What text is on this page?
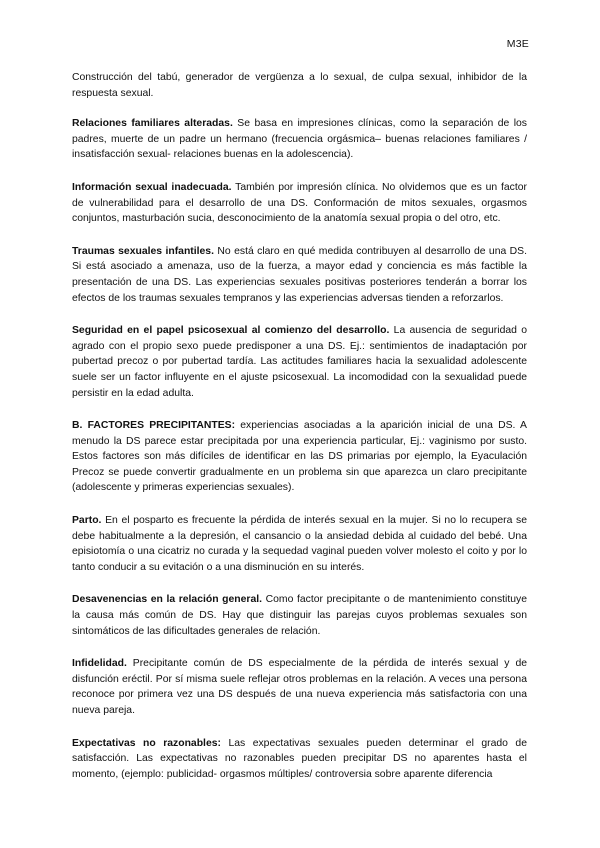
M3E

Construcción del tabú, generador de vergüenza a lo sexual, de culpa sexual, inhibidor de la respuesta sexual.

Relaciones familiares alteradas. Se basa en impresiones clínicas, como la separación de los padres, muerte de un padre un hermano (frecuencia orgásmica– buenas relaciones familiares / insatisfacción sexual- relaciones buenas en la adolescencia).

Información sexual inadecuada. También por impresión clínica. No olvidemos que es un factor de vulnerabilidad para el desarrollo de una DS. Conformación de mitos sexuales, orgasmos conjuntos, masturbación sucia, desconocimiento de la anatomía sexual propia o del otro, etc.

Traumas sexuales infantiles. No está claro en qué medida contribuyen al desarrollo de una DS. Si está asociado a amenaza, uso de la fuerza, a mayor edad y conciencia es más factible la presentación de una DS. Las experiencias sexuales positivas posteriores tenderán a borrar los efectos de los traumas sexuales tempranos y las experiencias adversas tienden a reforzarlos.

Seguridad en el papel psicosexual al comienzo del desarrollo. La ausencia de seguridad o agrado con el propio sexo puede predisponer a una DS. Ej.: sentimientos de inadaptación por pubertad precoz o por pubertad tardía. Las actitudes familiares hacia la sexualidad adolescente suele ser un factor influyente en el ajuste psicosexual. La incomodidad con la sexualidad puede persistir en la edad adulta.

B. FACTORES PRECIPITANTES: experiencias asociadas a la aparición inicial de una DS. A menudo la DS parece estar precipitada por una experiencia particular, Ej.: vaginismo por susto. Estos factores son más difíciles de identificar en las DS primarias por ejemplo, la Eyaculación Precoz se puede convertir gradualmente en un problema sin que aparezca un claro precipitante (adolescente y primeras experiencias sexuales).

Parto. En el posparto es frecuente la pérdida de interés sexual en la mujer. Si no lo recupera se debe habitualmente a la depresión, el cansancio o la ansiedad debida al cuidado del bebé. Una episiotomía o una cicatriz no curada y la sequedad vaginal pueden volver molesto el coito y por lo tanto conducir a su evitación o a una disminución en su interés.

Desavenencias en la relación general. Como factor precipitante o de mantenimiento constituye la causa más común de DS. Hay que distinguir las parejas cuyos problemas sexuales son sintomáticos de las dificultades generales de relación.

Infidelidad. Precipitante común de DS especialmente de la pérdida de interés sexual y de disfunción eréctil. Por sí misma suele reflejar otros problemas en la relación. A veces una persona reconoce por primera vez una DS después de una nueva experiencia más satisfactoria con una nueva pareja.

Expectativas no razonables: Las expectativas sexuales pueden determinar el grado de satisfacción. Las expectativas no razonables pueden precipitar DS no aparentes hasta el momento, (ejemplo: publicidad- orgasmos múltiples/ controversia sobre aparente diferencia
